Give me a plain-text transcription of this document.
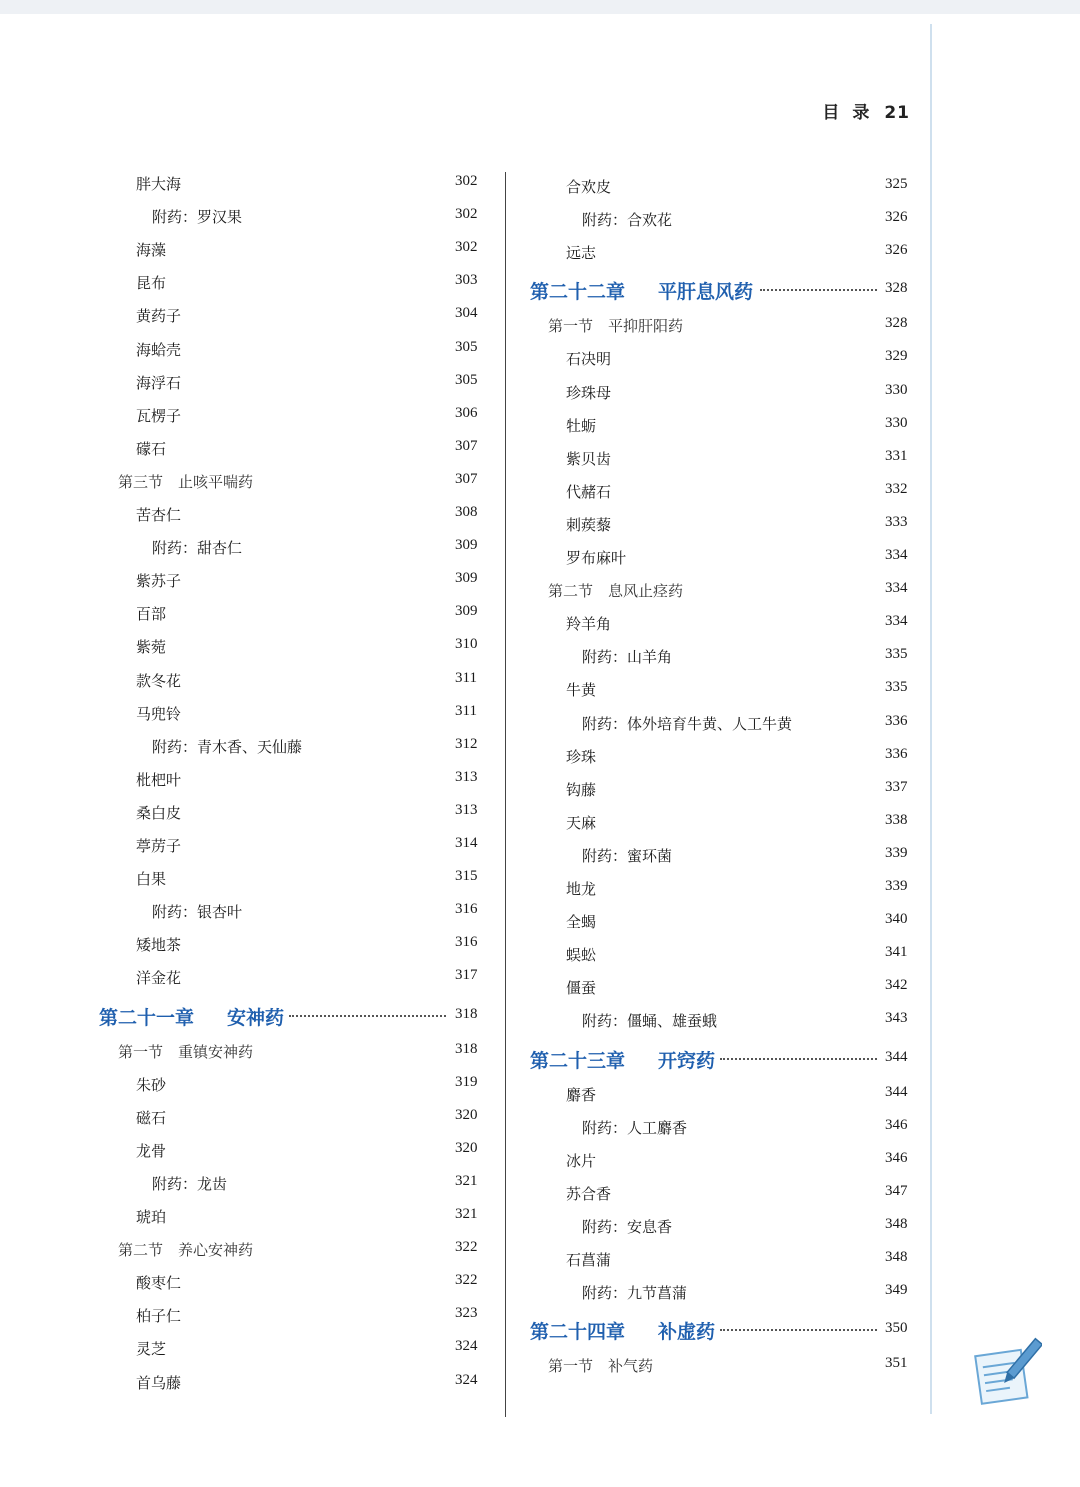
目 录 21
胖大海	302
附药：罗汉果	302
海藻	302
昆布	303
黄药子	304
海蛤壳	305
海浮石	305
瓦楞子	306
礞石	307
第三节　止咳平喘药	307
苦杏仁	308
附药：甜杏仁	309
紫苏子	309
百部	309
紫菀	310
款冬花	311
马兜铃	311
附药：青木香、天仙藤	312
枇杷叶	313
桑白皮	313
葶苈子	314
白果	315
附药：银杏叶	316
矮地茶	316
洋金花	317
第二十一章 安神药	318
第一节　重镇安神药	318
朱砂	319
磁石	320
龙骨	320
附药：龙齿	321
琥珀	321
第二节　养心安神药	322
酸枣仁	322
柏子仁	323
灵芝	324
首乌藤	324
合欢皮	325
附药：合欢花	326
远志	326
第二十二章 平肝息风药	328
第一节　平抑肝阳药	328
石决明	329
珍珠母	330
牡蛎	330
紫贝齿	331
代赭石	332
刺蒺藜	333
罗布麻叶	334
第二节　息风止痉药	334
羚羊角	334
附药：山羊角	335
牛黄	335
附药：体外培育牛黄、人工牛黄	336
珍珠	336
钩藤	337
天麻	338
附药：蜜环菌	339
地龙	339
全蝎	340
蜈蚣	341
僵蚕	342
附药：僵蛹、雄蚕蛾	343
第二十三章 开窍药	344
麝香	344
附药：人工麝香	346
冰片	346
苏合香	347
附药：安息香	348
石菖蒲	348
附药：九节菖蒲	349
第二十四章 补虚药	350
第一节　补气药	351
